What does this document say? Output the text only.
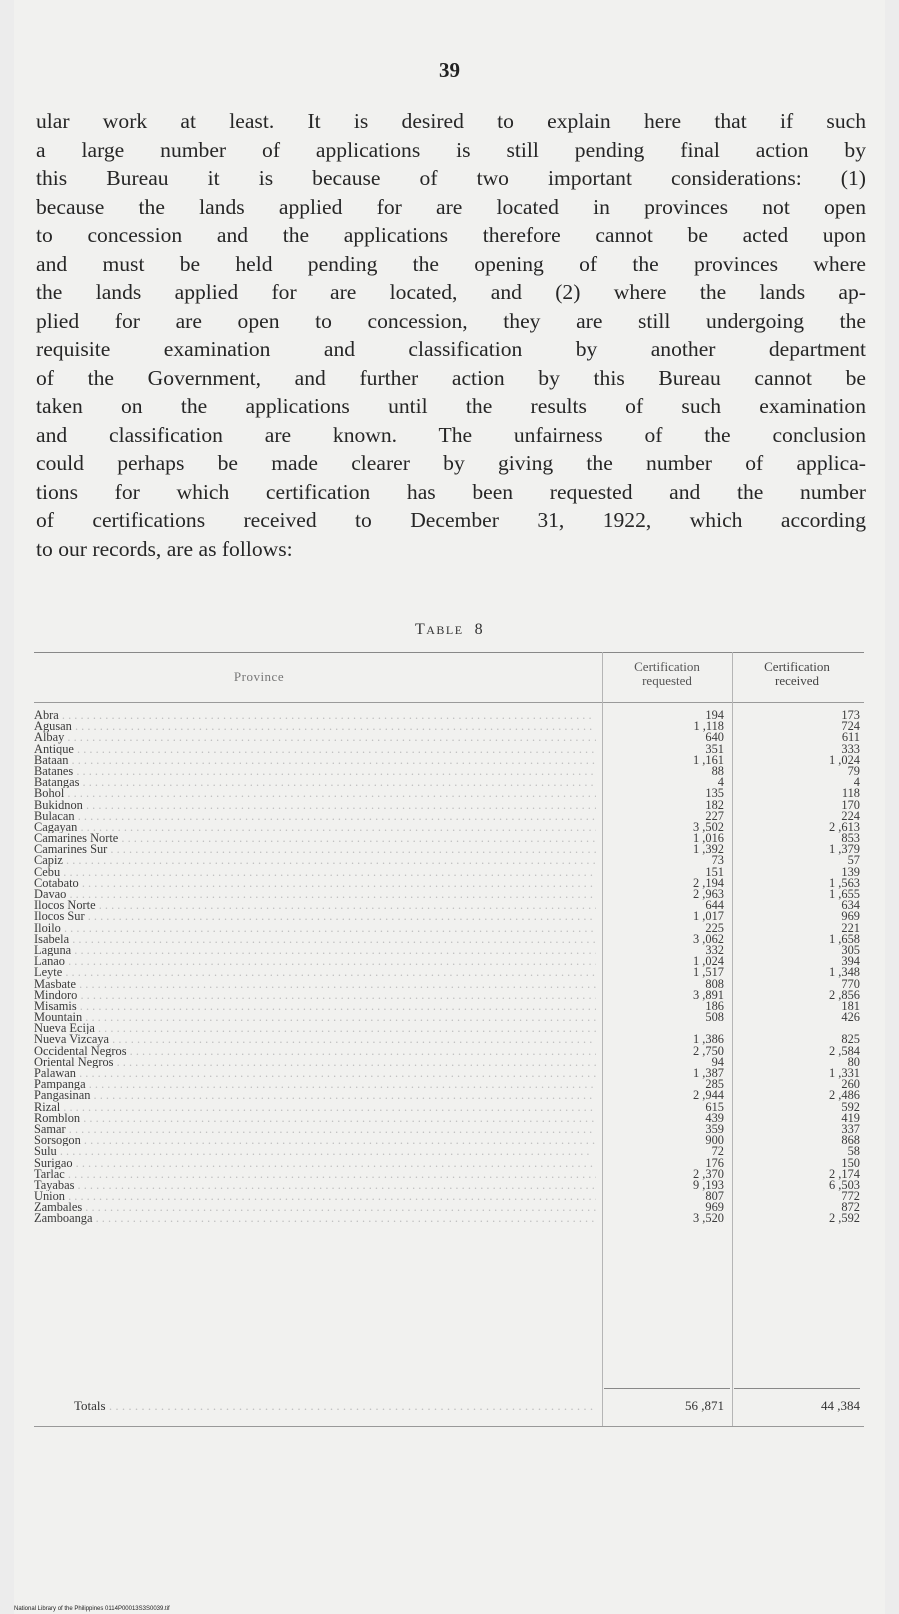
39
ular work at least. It is desired to explain here that if such
a large number of applications is still pending final action by
this Bureau it is because of two important considerations: (1)
because the lands applied for are located in provinces not open
to concession and the applications therefore cannot be acted upon
and must be held pending the opening of the provinces where
the lands applied for are located, and (2) where the lands ap-
plied for are open to concession, they are still undergoing the
requisite examination and classification by another department
of the Government, and further action by this Bureau cannot be
taken on the applications until the results of such examination
and classification are known. The unfairness of the conclusion
could perhaps be made clearer by giving the number of applica-
tions for which certification has been requested and the number
of certifications received to December 31, 1922, which according
to our records, are as follows:
TABLE 8
Province
Certification
requested
Certification
received
Abra . . .	194	173
Agusan . . .	1 ,118	724
Albay . . .	640	611
Antique . . .	351	333
Bataan . . .	1 ,161	1 ,024
Batanes . . .	88	79
Batangas . . .	4	4
Bohol . . .	135	118
Bukidnon . . .	182	170
Bulacan . . .	227	224
Cagayan . . .	3 ,502	2 ,613
Camarines Norte . . .	1 ,016	853
Camarines Sur . . .	1 ,392	1 ,379
Capiz . . .	73	57
Cebu . . .	151	139
Cotabato . . .	2 ,194	1 ,563
Davao . . .	2 ,963	1 ,655
Ilocos Norte . . .	644	634
Ilocos Sur . . .	1 ,017	969
Iloilo . . .	225	221
Isabela . . .	3 ,062	1 ,658
Laguna . . .	332	305
Lanao . . .	1 ,024	394
Leyte . . .	1 ,517	1 ,348
Masbate . . .	808	770
Mindoro . . .	3 ,891	2 ,856
Misamis . . .	186	181
Mountain . . .	508	426
Nueva Ecija . . .
Nueva Vizcaya . . .	1 ,386	825
Occidental Negros . . .	2 ,750	2 ,584
Oriental Negros . . .	94	80
Palawan . . .	1 ,387	1 ,331
Pampanga . . .	285	260
Pangasinan . . .	2 ,944	2 ,486
Rizal . . .	615	592
Romblon . . .	439	419
Samar . . .	359	337
Sorsogon . . .	900	868
Sulu . . .	72	58
Surigao . . .	176	150
Tarlac . . .	2 ,370	2 ,174
Tayabas . . .	9 ,193	6 ,503
Union . . .	807	772
Zambales . . .	969	872
Zamboanga . . .	3 ,520	2 ,592
Totals . . .	56 ,871	44 ,384
National Library of the Philippines 0114P00013S3S0039.tif
